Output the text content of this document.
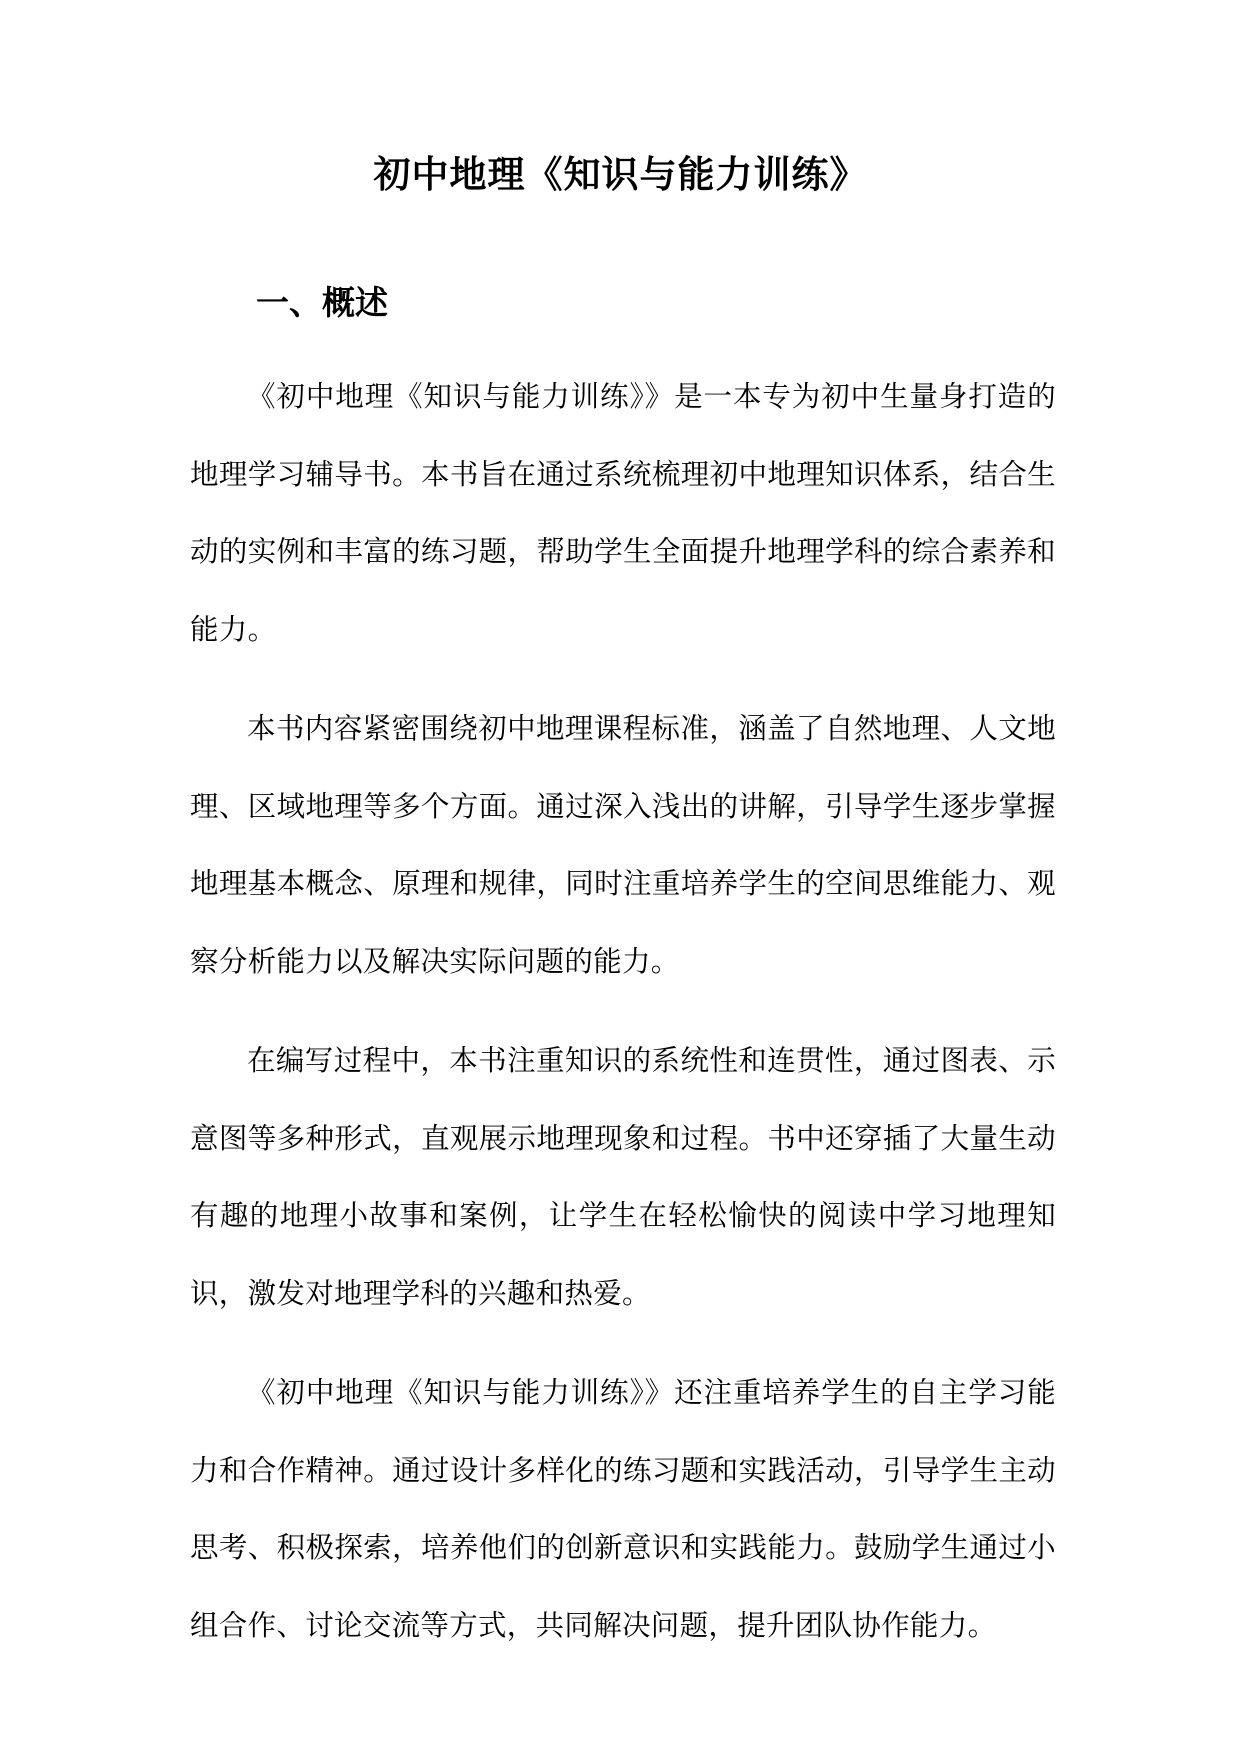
初中地理《知识与能力训练》
一、概述

《初中地理《知识与能力训练》》是一本专为初中生量身打造的地理学习辅导书。本书旨在通过系统梳理初中地理知识体系，结合生动的实例和丰富的练习题，帮助学生全面提升地理学科的综合素养和能力。

本书内容紧密围绕初中地理课程标准，涵盖了自然地理、人文地理、区域地理等多个方面。通过深入浅出的讲解，引导学生逐步掌握地理基本概念、原理和规律，同时注重培养学生的空间思维能力、观察分析能力以及解决实际问题的能力。

在编写过程中，本书注重知识的系统性和连贯性，通过图表、示意图等多种形式，直观展示地理现象和过程。书中还穿插了大量生动有趣的地理小故事和案例，让学生在轻松愉快的阅读中学习地理知识，激发对地理学科的兴趣和热爱。

《初中地理《知识与能力训练》》还注重培养学生的自主学习能力和合作精神。通过设计多样化的练习题和实践活动，引导学生主动思考、积极探索，培养他们的创新意识和实践能力。鼓励学生通过小组合作、讨论交流等方式，共同解决问题，提升团队协作能力。
